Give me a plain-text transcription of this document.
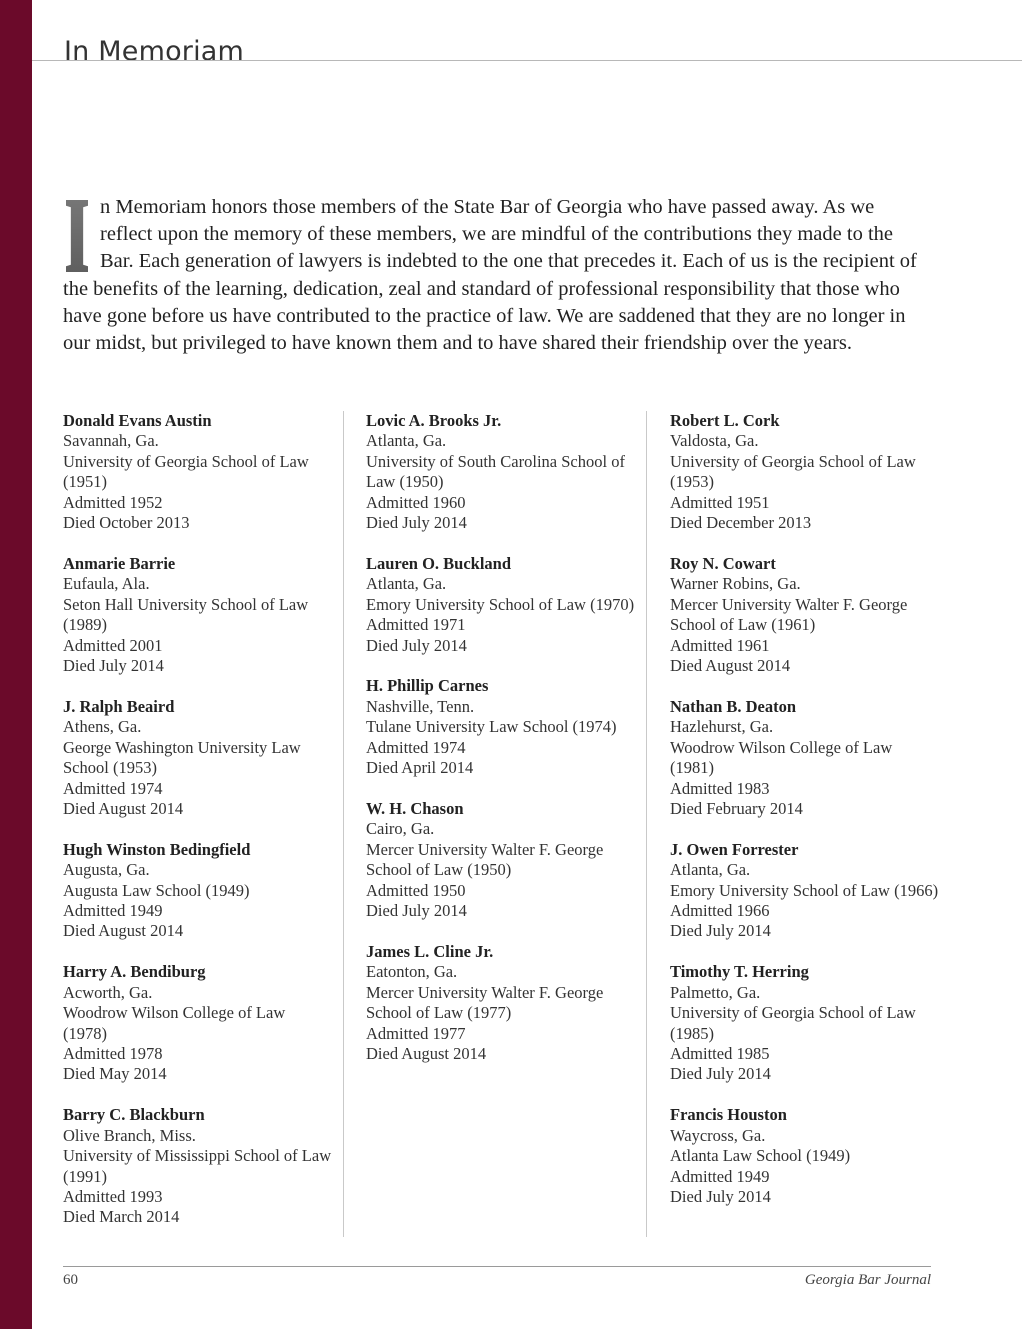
In Memoriam
n Memoriam honors those members of the State Bar of Georgia who have passed away. As we reflect upon the memory of these members, we are mindful of the contributions they made to the Bar. Each generation of lawyers is indebted to the one that precedes it. Each of us is the recipient of the benefits of the learning, dedication, zeal and standard of professional responsibility that those who have gone before us have contributed to the practice of law. We are saddened that they are no longer in our midst, but privileged to have known them and to have shared their friendship over the years.
Donald Evans Austin
Savannah, Ga.
University of Georgia School of Law (1951)
Admitted 1952
Died October 2013
Anmarie Barrie
Eufaula, Ala.
Seton Hall University School of Law (1989)
Admitted 2001
Died July 2014
J. Ralph Beaird
Athens, Ga.
George Washington University Law School (1953)
Admitted 1974
Died August 2014
Hugh Winston Bedingfield
Augusta, Ga.
Augusta Law School (1949)
Admitted 1949
Died August 2014
Harry A. Bendiburg
Acworth, Ga.
Woodrow Wilson College of Law (1978)
Admitted 1978
Died May 2014
Barry C. Blackburn
Olive Branch, Miss.
University of Mississippi School of Law (1991)
Admitted 1993
Died March 2014
Lovic A. Brooks Jr.
Atlanta, Ga.
University of South Carolina School of Law (1950)
Admitted 1960
Died July 2014
Lauren O. Buckland
Atlanta, Ga.
Emory University School of Law (1970)
Admitted 1971
Died July 2014
H. Phillip Carnes
Nashville, Tenn.
Tulane University Law School (1974)
Admitted 1974
Died April 2014
W. H. Chason
Cairo, Ga.
Mercer University Walter F. George School of Law (1950)
Admitted 1950
Died July 2014
James L. Cline Jr.
Eatonton, Ga.
Mercer University Walter F. George School of Law (1977)
Admitted 1977
Died August 2014
Robert L. Cork
Valdosta, Ga.
University of Georgia School of Law (1953)
Admitted 1951
Died December 2013
Roy N. Cowart
Warner Robins, Ga.
Mercer University Walter F. George School of Law (1961)
Admitted 1961
Died August 2014
Nathan B. Deaton
Hazlehurst, Ga.
Woodrow Wilson College of Law (1981)
Admitted 1983
Died February 2014
J. Owen Forrester
Atlanta, Ga.
Emory University School of Law (1966)
Admitted 1966
Died July 2014
Timothy T. Herring
Palmetto, Ga.
University of Georgia School of Law (1985)
Admitted 1985
Died July 2014
Francis Houston
Waycross, Ga.
Atlanta Law School (1949)
Admitted 1949
Died July 2014
60	Georgia Bar Journal
